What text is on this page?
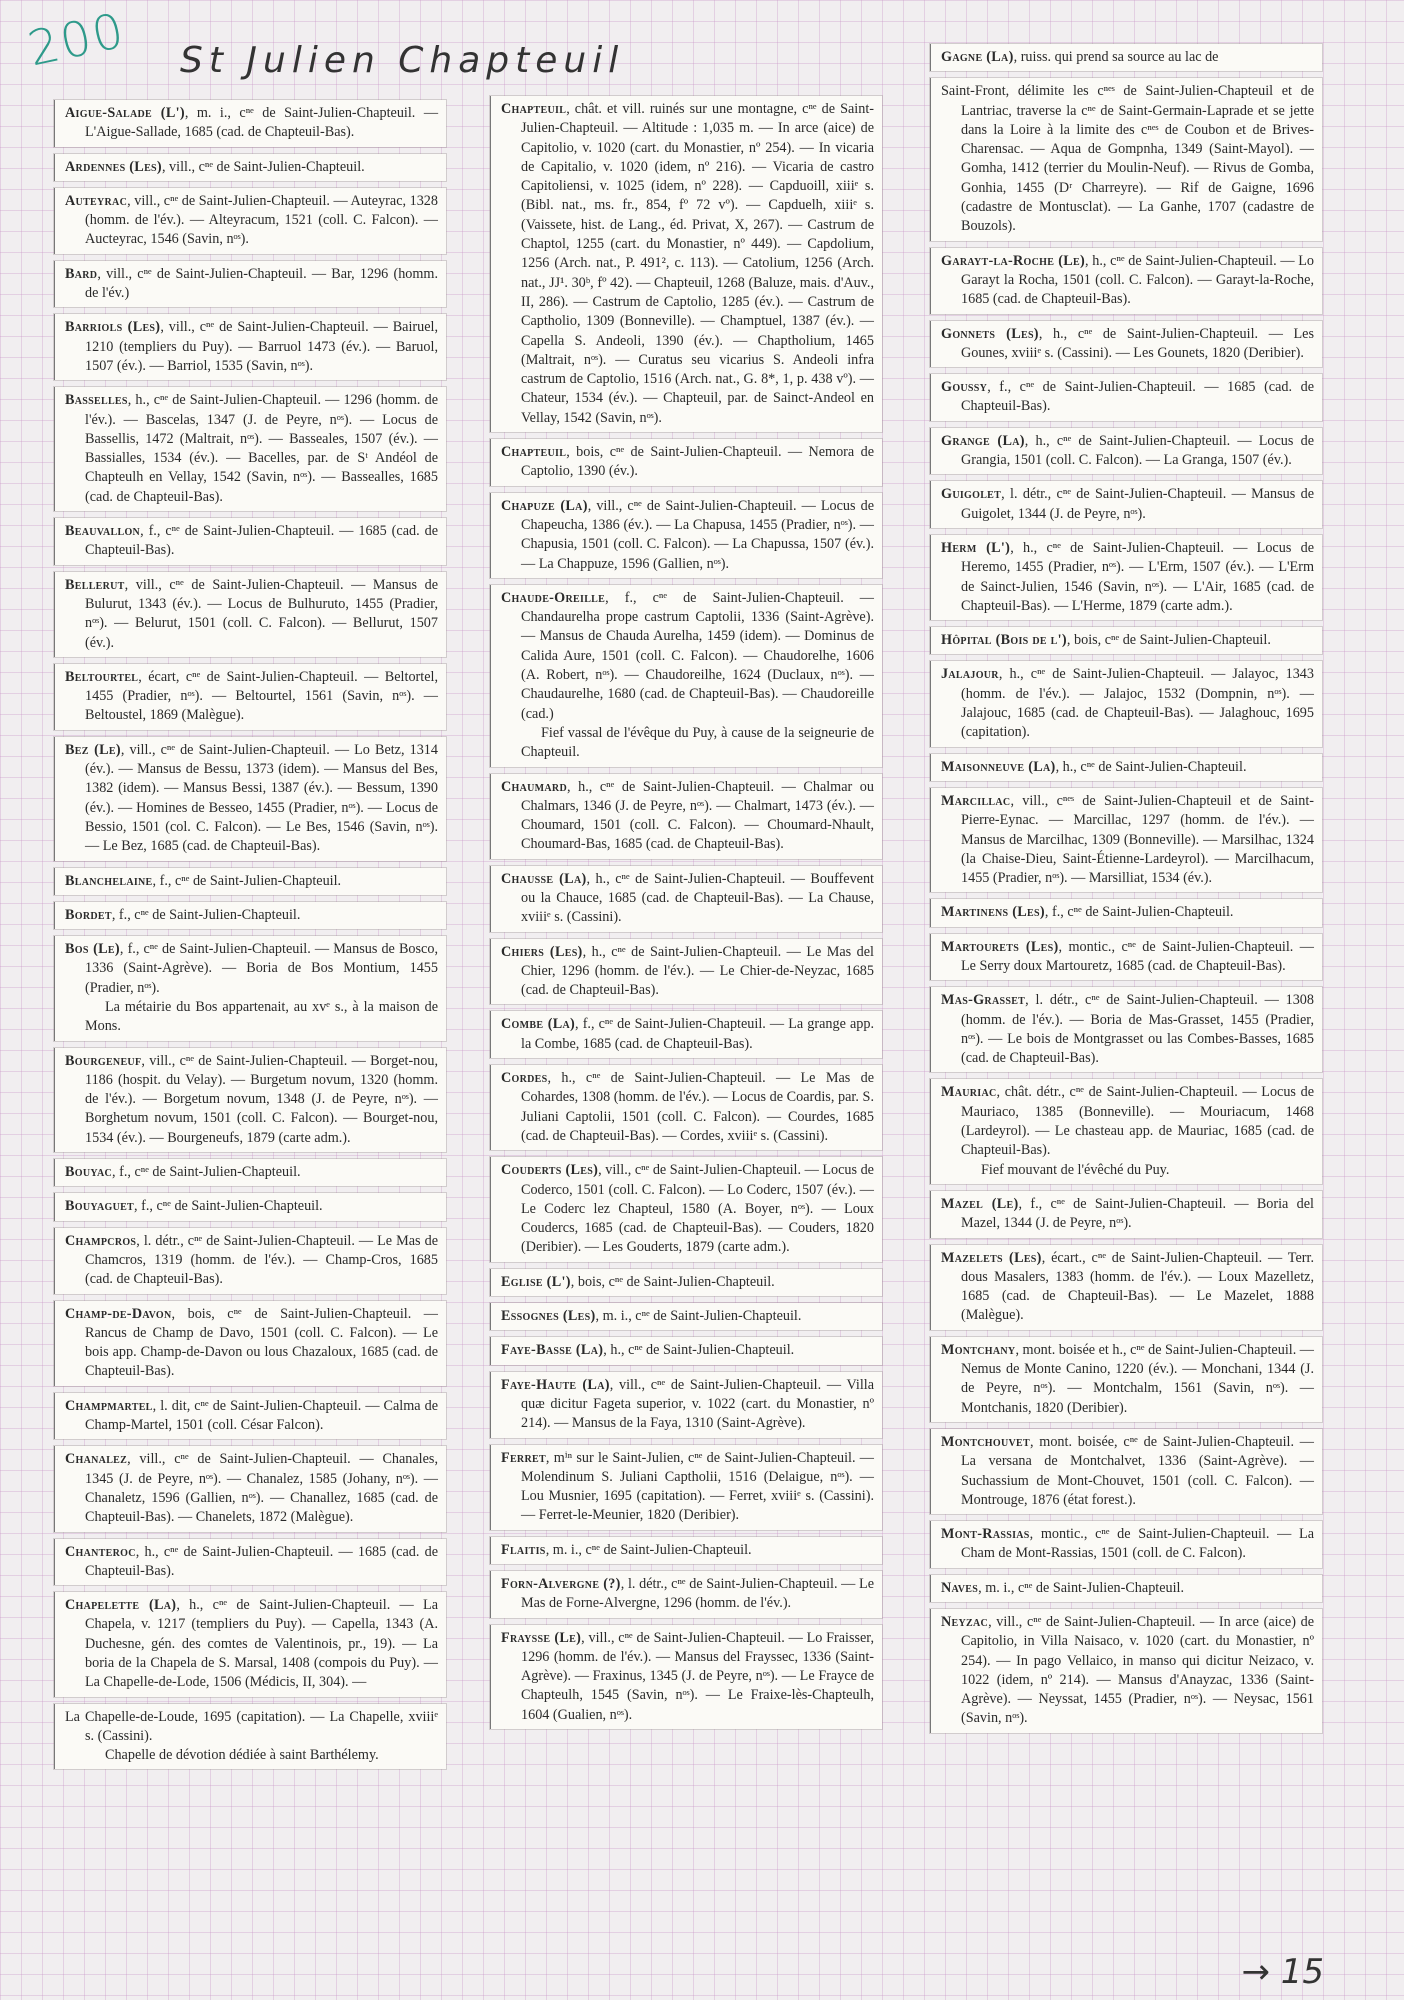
200 St Julien Chapteuil
→ 15

Aigue-Salade (L'), m. i., cⁿᵉ de Saint-Julien-Chapteuil. — L'Aigue-Sallade, 1685 (cad. de Chapteuil-Bas).

Ardennes (Les), vill., cⁿᵉ de Saint-Julien-Chapteuil.

Auteyrac, vill., cⁿᵉ de Saint-Julien-Chapteuil. — Auteyrac, 1328 (homm. de l'év.). — Alteyracum, 1521 (coll. C. Falcon). — Aucteyrac, 1546 (Savin, nᵒˢ).

Bard, vill., cⁿᵉ de Saint-Julien-Chapteuil. — Bar, 1296 (homm. de l'év.)

Barriols (Les), vill., cⁿᵉ de Saint-Julien-Chapteuil. — Bairuel, 1210 (templiers du Puy). — Barruol 1473 (év.). — Baruol, 1507 (év.). — Barriol, 1535 (Savin, nᵒˢ).

Basselles, h., cⁿᵉ de Saint-Julien-Chapteuil. — 1296 (homm. de l'év.). — Bascelas, 1347 (J. de Peyre, nᵒˢ). — Locus de Bassellis, 1472 (Maltrait, nᵒˢ). — Basseales, 1507 (év.). — Bassialles, 1534 (év.). — Bacelles, par. de Sᵗ Andéol de Chapteulh en Vellay, 1542 (Savin, nᵒˢ). — Bassealles, 1685 (cad. de Chapteuil-Bas).

Beauvallon, f., cⁿᵉ de Saint-Julien-Chapteuil. — 1685 (cad. de Chapteuil-Bas).

Bellerut, vill., cⁿᵉ de Saint-Julien-Chapteuil. — Mansus de Bulurut, 1343 (év.). — Locus de Bulhuruto, 1455 (Pradier, nᵒˢ). — Belurut, 1501 (coll. C. Falcon). — Bellurut, 1507 (év.).

Beltourtel, écart, cⁿᵉ de Saint-Julien-Chapteuil. — Beltortel, 1455 (Pradier, nᵒˢ). — Beltourtel, 1561 (Savin, nᵒˢ). — Beltoustel, 1869 (Malègue).

Bez (Le), vill., cⁿᵉ de Saint-Julien-Chapteuil. — Lo Betz, 1314 (év.). — Mansus de Bessu, 1373 (idem). — Mansus del Bes, 1382 (idem). — Mansus Bessi, 1387 (év.). — Bessum, 1390 (év.). — Homines de Besseo, 1455 (Pradier, nᵒˢ). — Locus de Bessio, 1501 (col. C. Falcon). — Le Bes, 1546 (Savin, nᵒˢ). — Le Bez, 1685 (cad. de Chapteuil-Bas).

Blanchelaine, f., cⁿᵉ de Saint-Julien-Chapteuil.

Bordet, f., cⁿᵉ de Saint-Julien-Chapteuil.

Bos (Le), f., cⁿᵉ de Saint-Julien-Chapteuil. — Mansus de Bosco, 1336 (Saint-Agrève). — Boria de Bos Montium, 1455 (Pradier, nᵒˢ).

La métairie du Bos appartenait, au xvᵉ s., à la maison de Mons.

Bourgeneuf, vill., cⁿᵉ de Saint-Julien-Chapteuil. — Borget-nou, 1186 (hospit. du Velay). — Burgetum novum, 1320 (homm. de l'év.). — Borgetum novum, 1348 (J. de Peyre, nᵒˢ). — Borghetum novum, 1501 (coll. C. Falcon). — Bourget-nou, 1534 (év.). — Bourgeneufs, 1879 (carte adm.).

Bouyac, f., cⁿᵉ de Saint-Julien-Chapteuil.

Bouyaguet, f., cⁿᵉ de Saint-Julien-Chapteuil.

Champcros, l. détr., cⁿᵉ de Saint-Julien-Chapteuil. — Le Mas de Chamcros, 1319 (homm. de l'év.). — Champ-Cros, 1685 (cad. de Chapteuil-Bas).

Champ-de-Davon, bois, cⁿᵉ de Saint-Julien-Chapteuil. — Rancus de Champ de Davo, 1501 (coll. C. Falcon). — Le bois app. Champ-de-Davon ou lous Chazaloux, 1685 (cad. de Chapteuil-Bas).

Champmartel, l. dit, cⁿᵉ de Saint-Julien-Chapteuil. — Calma de Champ-Martel, 1501 (coll. César Falcon).

Chanalez, vill., cⁿᵉ de Saint-Julien-Chapteuil. — Chanales, 1345 (J. de Peyre, nᵒˢ). — Chanalez, 1585 (Johany, nᵒˢ). — Chanaletz, 1596 (Gallien, nᵒˢ). — Chanallez, 1685 (cad. de Chapteuil-Bas). — Chanelets, 1872 (Malègue).

Chanteroc, h., cⁿᵉ de Saint-Julien-Chapteuil. — 1685 (cad. de Chapteuil-Bas).

Chapelette (La), h., cⁿᵉ de Saint-Julien-Chapteuil. — La Chapela, v. 1217 (templiers du Puy). — Capella, 1343 (A. Duchesne, gén. des comtes de Valentinois, pr., 19). — La boria de la Chapela de S. Marsal, 1408 (compois du Puy). — La Chapelle-de-Lode, 1506 (Médicis, II, 304). —

La Chapelle-de-Loude, 1695 (capitation). — La Chapelle, xviiiᵉ s. (Cassini).

Chapelle de dévotion dédiée à saint Barthélemy.

Chapteuil, chât. et vill. ruinés sur une montagne, cⁿᵉ de Saint-Julien-Chapteuil. — Altitude : 1,035 m. — In arce (aice) de Capitolio, v. 1020 (cart. du Monastier, nº 254). — In vicaria de Capitalio, v. 1020 (idem, nº 216). — Vicaria de castro Capitoliensi, v. 1025 (idem, nº 228). — Capduoill, xiiiᵉ s. (Bibl. nat., ms. fr., 854, fº 72 vº). — Capduelh, xiiiᵉ s. (Vaissete, hist. de Lang., éd. Privat, X, 267). — Castrum de Chaptol, 1255 (cart. du Monastier, nº 449). — Capdolium, 1256 (Arch. nat., P. 491², c. 113). — Catolium, 1256 (Arch. nat., JJ¹. 30ᵇ, fº 42). — Chapteuil, 1268 (Baluze, mais. d'Auv., II, 286). — Castrum de Captolio, 1285 (év.). — Castrum de Captholio, 1309 (Bonneville). — Champtuel, 1387 (év.). — Capella S. Andeoli, 1390 (év.). — Chaptholium, 1465 (Maltrait, nᵒˢ). — Curatus seu vicarius S. Andeoli infra castrum de Captolio, 1516 (Arch. nat., G. 8*, 1, p. 438 vº). — Chateur, 1534 (év.). — Chapteuil, par. de Sainct-Andeol en Vellay, 1542 (Savin, nᵒˢ).

Chapteuil, bois, cⁿᵉ de Saint-Julien-Chapteuil. — Nemora de Captolio, 1390 (év.).

Chapuze (La), vill., cⁿᵉ de Saint-Julien-Chapteuil. — Locus de Chapeucha, 1386 (év.). — La Chapusa, 1455 (Pradier, nᵒˢ). — Chapusia, 1501 (coll. C. Falcon). — La Chapussa, 1507 (év.). — La Chappuze, 1596 (Gallien, nᵒˢ).

Chaude-Oreille, f., cⁿᵉ de Saint-Julien-Chapteuil. — Chandaurelha prope castrum Captolii, 1336 (Saint-Agrève). — Mansus de Chauda Aurelha, 1459 (idem). — Dominus de Calida Aure, 1501 (coll. C. Falcon). — Chaudorelhe, 1606 (A. Robert, nᵒˢ). — Chaudoreilhe, 1624 (Duclaux, nᵒˢ). — Chaudaurelhe, 1680 (cad. de Chapteuil-Bas). — Chaudoreille (cad.)

Fief vassal de l'évêque du Puy, à cause de la seigneurie de Chapteuil.

Chaumard, h., cⁿᵉ de Saint-Julien-Chapteuil. — Chalmar ou Chalmars, 1346 (J. de Peyre, nᵒˢ). — Chalmart, 1473 (év.). — Choumard, 1501 (coll. C. Falcon). — Choumard-Nhault, Choumard-Bas, 1685 (cad. de Chapteuil-Bas).

Chausse (La), h., cⁿᵉ de Saint-Julien-Chapteuil. — Bouffevent ou la Chauce, 1685 (cad. de Chapteuil-Bas). — La Chause, xviiiᵉ s. (Cassini).

Chiers (Les), h., cⁿᵉ de Saint-Julien-Chapteuil. — Le Mas del Chier, 1296 (homm. de l'év.). — Le Chier-de-Neyzac, 1685 (cad. de Chapteuil-Bas).

Combe (La), f., cⁿᵉ de Saint-Julien-Chapteuil. — La grange app. la Combe, 1685 (cad. de Chapteuil-Bas).

Cordes, h., cⁿᵉ de Saint-Julien-Chapteuil. — Le Mas de Cohardes, 1308 (homm. de l'év.). — Locus de Coardis, par. S. Juliani Captolii, 1501 (coll. C. Falcon). — Courdes, 1685 (cad. de Chapteuil-Bas). — Cordes, xviiiᵉ s. (Cassini).

Couderts (Les), vill., cⁿᵉ de Saint-Julien-Chapteuil. — Locus de Coderco, 1501 (coll. C. Falcon). — Lo Coderc, 1507 (év.). — Le Coderc lez Chapteul, 1580 (A. Boyer, nᵒˢ). — Loux Couderсs, 1685 (cad. de Chapteuil-Bas). — Couders, 1820 (Deribier). — Les Gouderts, 1879 (carte adm.).

Eglise (L'), bois, cⁿᵉ de Saint-Julien-Chapteuil.

Essognes (Les), m. i., cⁿᵉ de Saint-Julien-Chapteuil.

Faye-Basse (La), h., cⁿᵉ de Saint-Julien-Chapteuil.

Faye-Haute (La), vill., cⁿᵉ de Saint-Julien-Chapteuil. — Villa quæ dicitur Fageta superior, v. 1022 (cart. du Monastier, nº 214). — Mansus de la Faya, 1310 (Saint-Agrève).

Ferret, mⁱⁿ sur le Saint-Julien, cⁿᵉ de Saint-Julien-Chapteuil. — Molendinum S. Juliani Captholii, 1516 (Delaigue, nᵒˢ). — Lou Musnier, 1695 (capitation). — Ferret, xviiiᵉ s. (Cassini). — Ferret-le-Meunier, 1820 (Deribier).

Flaitis, m. i., cⁿᵉ de Saint-Julien-Chapteuil.

Forn-Alvergne (?), l. détr., cⁿᵉ de Saint-Julien-Chapteuil. — Le Mas de Forne-Alvergne, 1296 (homm. de l'év.).

Fraysse (Le), vill., cⁿᵉ de Saint-Julien-Chapteuil. — Lo Fraisser, 1296 (homm. de l'év.). — Mansus del Frayssec, 1336 (Saint-Agrève). — Fraxinus, 1345 (J. de Peyre, nᵒˢ). — Le Frayce de Chapteulh, 1545 (Savin, nᵒˢ). — Le Fraixe-lès-Chapteulh, 1604 (Gualien, nᵒˢ).

Gagne (La), ruiss. qui prend sa source au lac de

Saint-Front, délimite les cⁿᵉˢ de Saint-Julien-Chapteuil et de Lantriac, traverse la cⁿᵉ de Saint-Germain-Laprade et se jette dans la Loire à la limite des cⁿᵉˢ de Coubon et de Brives-Charensac. — Aqua de Gompnha, 1349 (Saint-Mayol). — Gomha, 1412 (terrier du Moulin-Neuf). — Rivus de Gomba, Gonhia, 1455 (Dʳ Charreyre). — Rif de Gaigne, 1696 (cadastre de Montusclat). — La Ganhe, 1707 (cadastre de Bouzols).

Garayt-la-Roche (Le), h., cⁿᵉ de Saint-Julien-Chapteuil. — Lo Garayt la Rocha, 1501 (coll. C. Falcon). — Garayt-la-Roche, 1685 (cad. de Chapteuil-Bas).

Gonnets (Les), h., cⁿᵉ de Saint-Julien-Chapteuil. — Les Gounes, xviiiᵉ s. (Cassini). — Les Gounets, 1820 (Deribier).

Goussy, f., cⁿᵉ de Saint-Julien-Chapteuil. — 1685 (cad. de Chapteuil-Bas).

Grange (La), h., cⁿᵉ de Saint-Julien-Chapteuil. — Locus de Grangia, 1501 (coll. C. Falcon). — La Granga, 1507 (év.).

Guigolet, l. détr., cⁿᵉ de Saint-Julien-Chapteuil. — Mansus de Guigolet, 1344 (J. de Peyre, nᵒˢ).

Herm (L'), h., cⁿᵉ de Saint-Julien-Chapteuil. — Locus de Heremo, 1455 (Pradier, nᵒˢ). — L'Erm, 1507 (év.). — L'Erm de Sainct-Julien, 1546 (Savin, nᵒˢ). — L'Air, 1685 (cad. de Chapteuil-Bas). — L'Herme, 1879 (carte adm.).

Hôpital (Bois de l'), bois, cⁿᵉ de Saint-Julien-Chapteuil.

Jalajour, h., cⁿᵉ de Saint-Julien-Chapteuil. — Jalayoc, 1343 (homm. de l'év.). — Jalajoc, 1532 (Dompnin, nᵒˢ). — Jalajouc, 1685 (cad. de Chapteuil-Bas). — Jalaghouc, 1695 (capitation).

Maisonneuve (La), h., cⁿᵉ de Saint-Julien-Chapteuil.

Marcillac, vill., cⁿᵉˢ de Saint-Julien-Chapteuil et de Saint-Pierre-Eynac. — Marcillac, 1297 (homm. de l'év.). — Mansus de Marcilhac, 1309 (Bonneville). — Marsilhac, 1324 (la Chaise-Dieu, Saint-Étienne-Lardeyrol). — Marcilhacum, 1455 (Pradier, nᵒˢ). — Marsilliat, 1534 (év.).

Martinens (Les), f., cⁿᵉ de Saint-Julien-Chapteuil.

Martourets (Les), montic., cⁿᵉ de Saint-Julien-Chapteuil. — Le Serry doux Martouretz, 1685 (cad. de Chapteuil-Bas).

Mas-Grasset, l. détr., cⁿᵉ de Saint-Julien-Chapteuil. — 1308 (homm. de l'év.). — Boria de Mas-Grasset, 1455 (Pradier, nᵒˢ). — Le bois de Montgrasset ou las Combes-Basses, 1685 (cad. de Chapteuil-Bas).

Mauriac, chât. détr., cⁿᵉ de Saint-Julien-Chapteuil. — Locus de Mauriaco, 1385 (Bonneville). — Mouriacum, 1468 (Lardeyrol). — Le chasteau app. de Mauriac, 1685 (cad. de Chapteuil-Bas).

Fief mouvant de l'évêché du Puy.

Mazel (Le), f., cⁿᵉ de Saint-Julien-Chapteuil. — Boria del Mazel, 1344 (J. de Peyre, nᵒˢ).

Mazelets (Les), écart., cⁿᵉ de Saint-Julien-Chapteuil. — Terr. dous Masalers, 1383 (homm. de l'év.). — Loux Mazelletz, 1685 (cad. de Chapteuil-Bas). — Le Mazelet, 1888 (Malègue).

Montchany, mont. boisée et h., cⁿᵉ de Saint-Julien-Chapteuil. — Nemus de Monte Canino, 1220 (év.). — Monchani, 1344 (J. de Peyre, nᵒˢ). — Montchalm, 1561 (Savin, nᵒˢ). — Montchanis, 1820 (Deribier).

Montchouvet, mont. boisée, cⁿᵉ de Saint-Julien-Chapteuil. — La versana de Montchalvet, 1336 (Saint-Agrève). — Suchassium de Mont-Chouvet, 1501 (coll. C. Falcon). — Montrouge, 1876 (état forest.).

Mont-Rassias, montic., cⁿᵉ de Saint-Julien-Chapteuil. — La Cham de Mont-Rassias, 1501 (coll. de C. Falcon).

Naves, m. i., cⁿᵉ de Saint-Julien-Chapteuil.

Neyzac, vill., cⁿᵉ de Saint-Julien-Chapteuil. — In arce (aice) de Capitolio, in Villa Naisaco, v. 1020 (cart. du Monastier, nº 254). — In pago Vellaico, in manso qui dicitur Neizaco, v. 1022 (idem, nº 214). — Mansus d'Anayzac, 1336 (Saint-Agrève). — Neyssat, 1455 (Pradier, nᵒˢ). — Neysac, 1561 (Savin, nᵒˢ).
